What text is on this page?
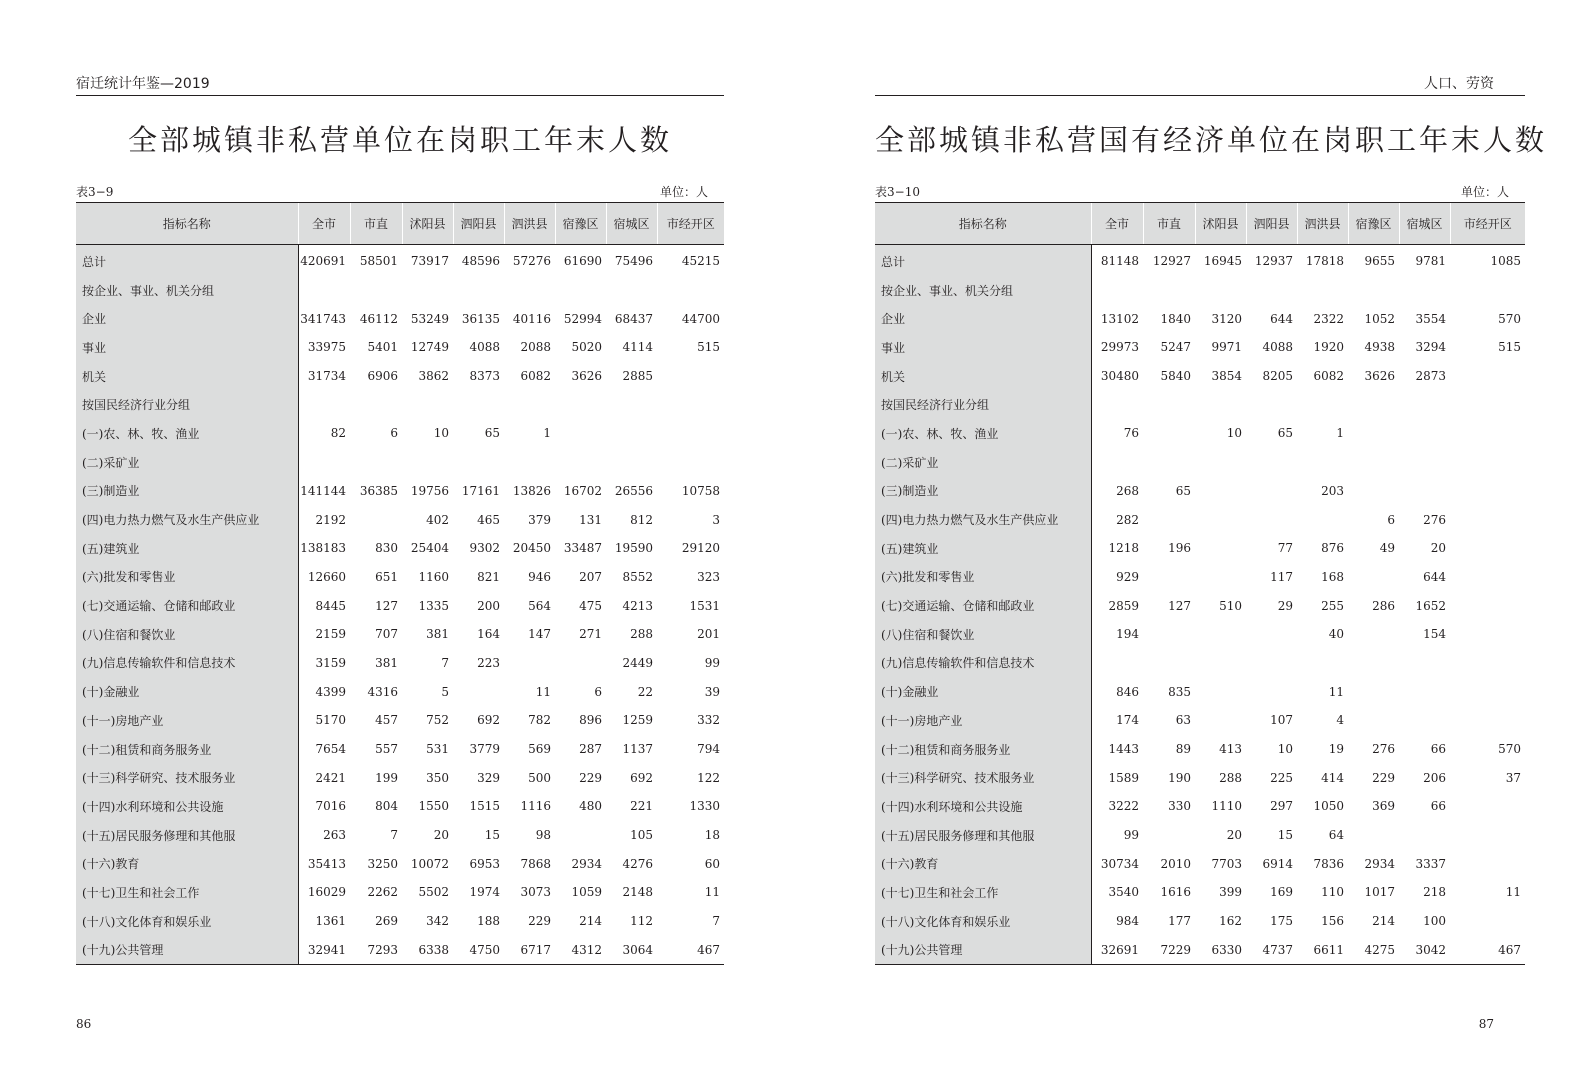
宿迁统计年鉴—2019
全部城镇非私营单位在岗职工年末人数
表3−9	单位：人
指标名称	全市	市直	沭阳县	泗阳县	泗洪县	宿豫区	宿城区	市经开区
总计	420691	58501	73917	48596	57276	61690	75496	45215
按企业、事业、机关分组								
企业	341743	46112	53249	36135	40116	52994	68437	44700
事业	33975	5401	12749	4088	2088	5020	4114	515
机关	31734	6906	3862	8373	6082	3626	2885	
按国民经济行业分组								
(一)农、林、牧、渔业	82	6	10	65	1			
(二)采矿业								
(三)制造业	141144	36385	19756	17161	13826	16702	26556	10758
(四)电力热力燃气及水生产供应业	2192		402	465	379	131	812	3
(五)建筑业	138183	830	25404	9302	20450	33487	19590	29120
(六)批发和零售业	12660	651	1160	821	946	207	8552	323
(七)交通运输、仓储和邮政业	8445	127	1335	200	564	475	4213	1531
(八)住宿和餐饮业	2159	707	381	164	147	271	288	201
(九)信息传输软件和信息技术	3159	381	7	223			2449	99
(十)金融业	4399	4316	5		11	6	22	39
(十一)房地产业	5170	457	752	692	782	896	1259	332
(十二)租赁和商务服务业	7654	557	531	3779	569	287	1137	794
(十三)科学研究、技术服务业	2421	199	350	329	500	229	692	122
(十四)水利环境和公共设施	7016	804	1550	1515	1116	480	221	1330
(十五)居民服务修理和其他服	263	7	20	15	98		105	18
(十六)教育	35413	3250	10072	6953	7868	2934	4276	60
(十七)卫生和社会工作	16029	2262	5502	1974	3073	1059	2148	11
(十八)文化体育和娱乐业	1361	269	342	188	229	214	112	7
(十九)公共管理	32941	7293	6338	4750	6717	4312	3064	467
86
人口、劳资
全部城镇非私营国有经济单位在岗职工年末人数
表3−10	单位：人
指标名称	全市	市直	沭阳县	泗阳县	泗洪县	宿豫区	宿城区	市经开区
总计	81148	12927	16945	12937	17818	9655	9781	1085
按企业、事业、机关分组								
企业	13102	1840	3120	644	2322	1052	3554	570
事业	29973	5247	9971	4088	1920	4938	3294	515
机关	30480	5840	3854	8205	6082	3626	2873	
按国民经济行业分组								
(一)农、林、牧、渔业	76		10	65	1			
(二)采矿业								
(三)制造业	268	65			203			
(四)电力热力燃气及水生产供应业	282					6	276	
(五)建筑业	1218	196		77	876	49	20	
(六)批发和零售业	929			117	168		644	
(七)交通运输、仓储和邮政业	2859	127	510	29	255	286	1652	
(八)住宿和餐饮业	194				40		154	
(九)信息传输软件和信息技术								
(十)金融业	846	835			11			
(十一)房地产业	174	63		107	4			
(十二)租赁和商务服务业	1443	89	413	10	19	276	66	570
(十三)科学研究、技术服务业	1589	190	288	225	414	229	206	37
(十四)水利环境和公共设施	3222	330	1110	297	1050	369	66	
(十五)居民服务修理和其他服	99		20	15	64			
(十六)教育	30734	2010	7703	6914	7836	2934	3337	
(十七)卫生和社会工作	3540	1616	399	169	110	1017	218	11
(十八)文化体育和娱乐业	984	177	162	175	156	214	100	
(十九)公共管理	32691	7229	6330	4737	6611	4275	3042	467
87
